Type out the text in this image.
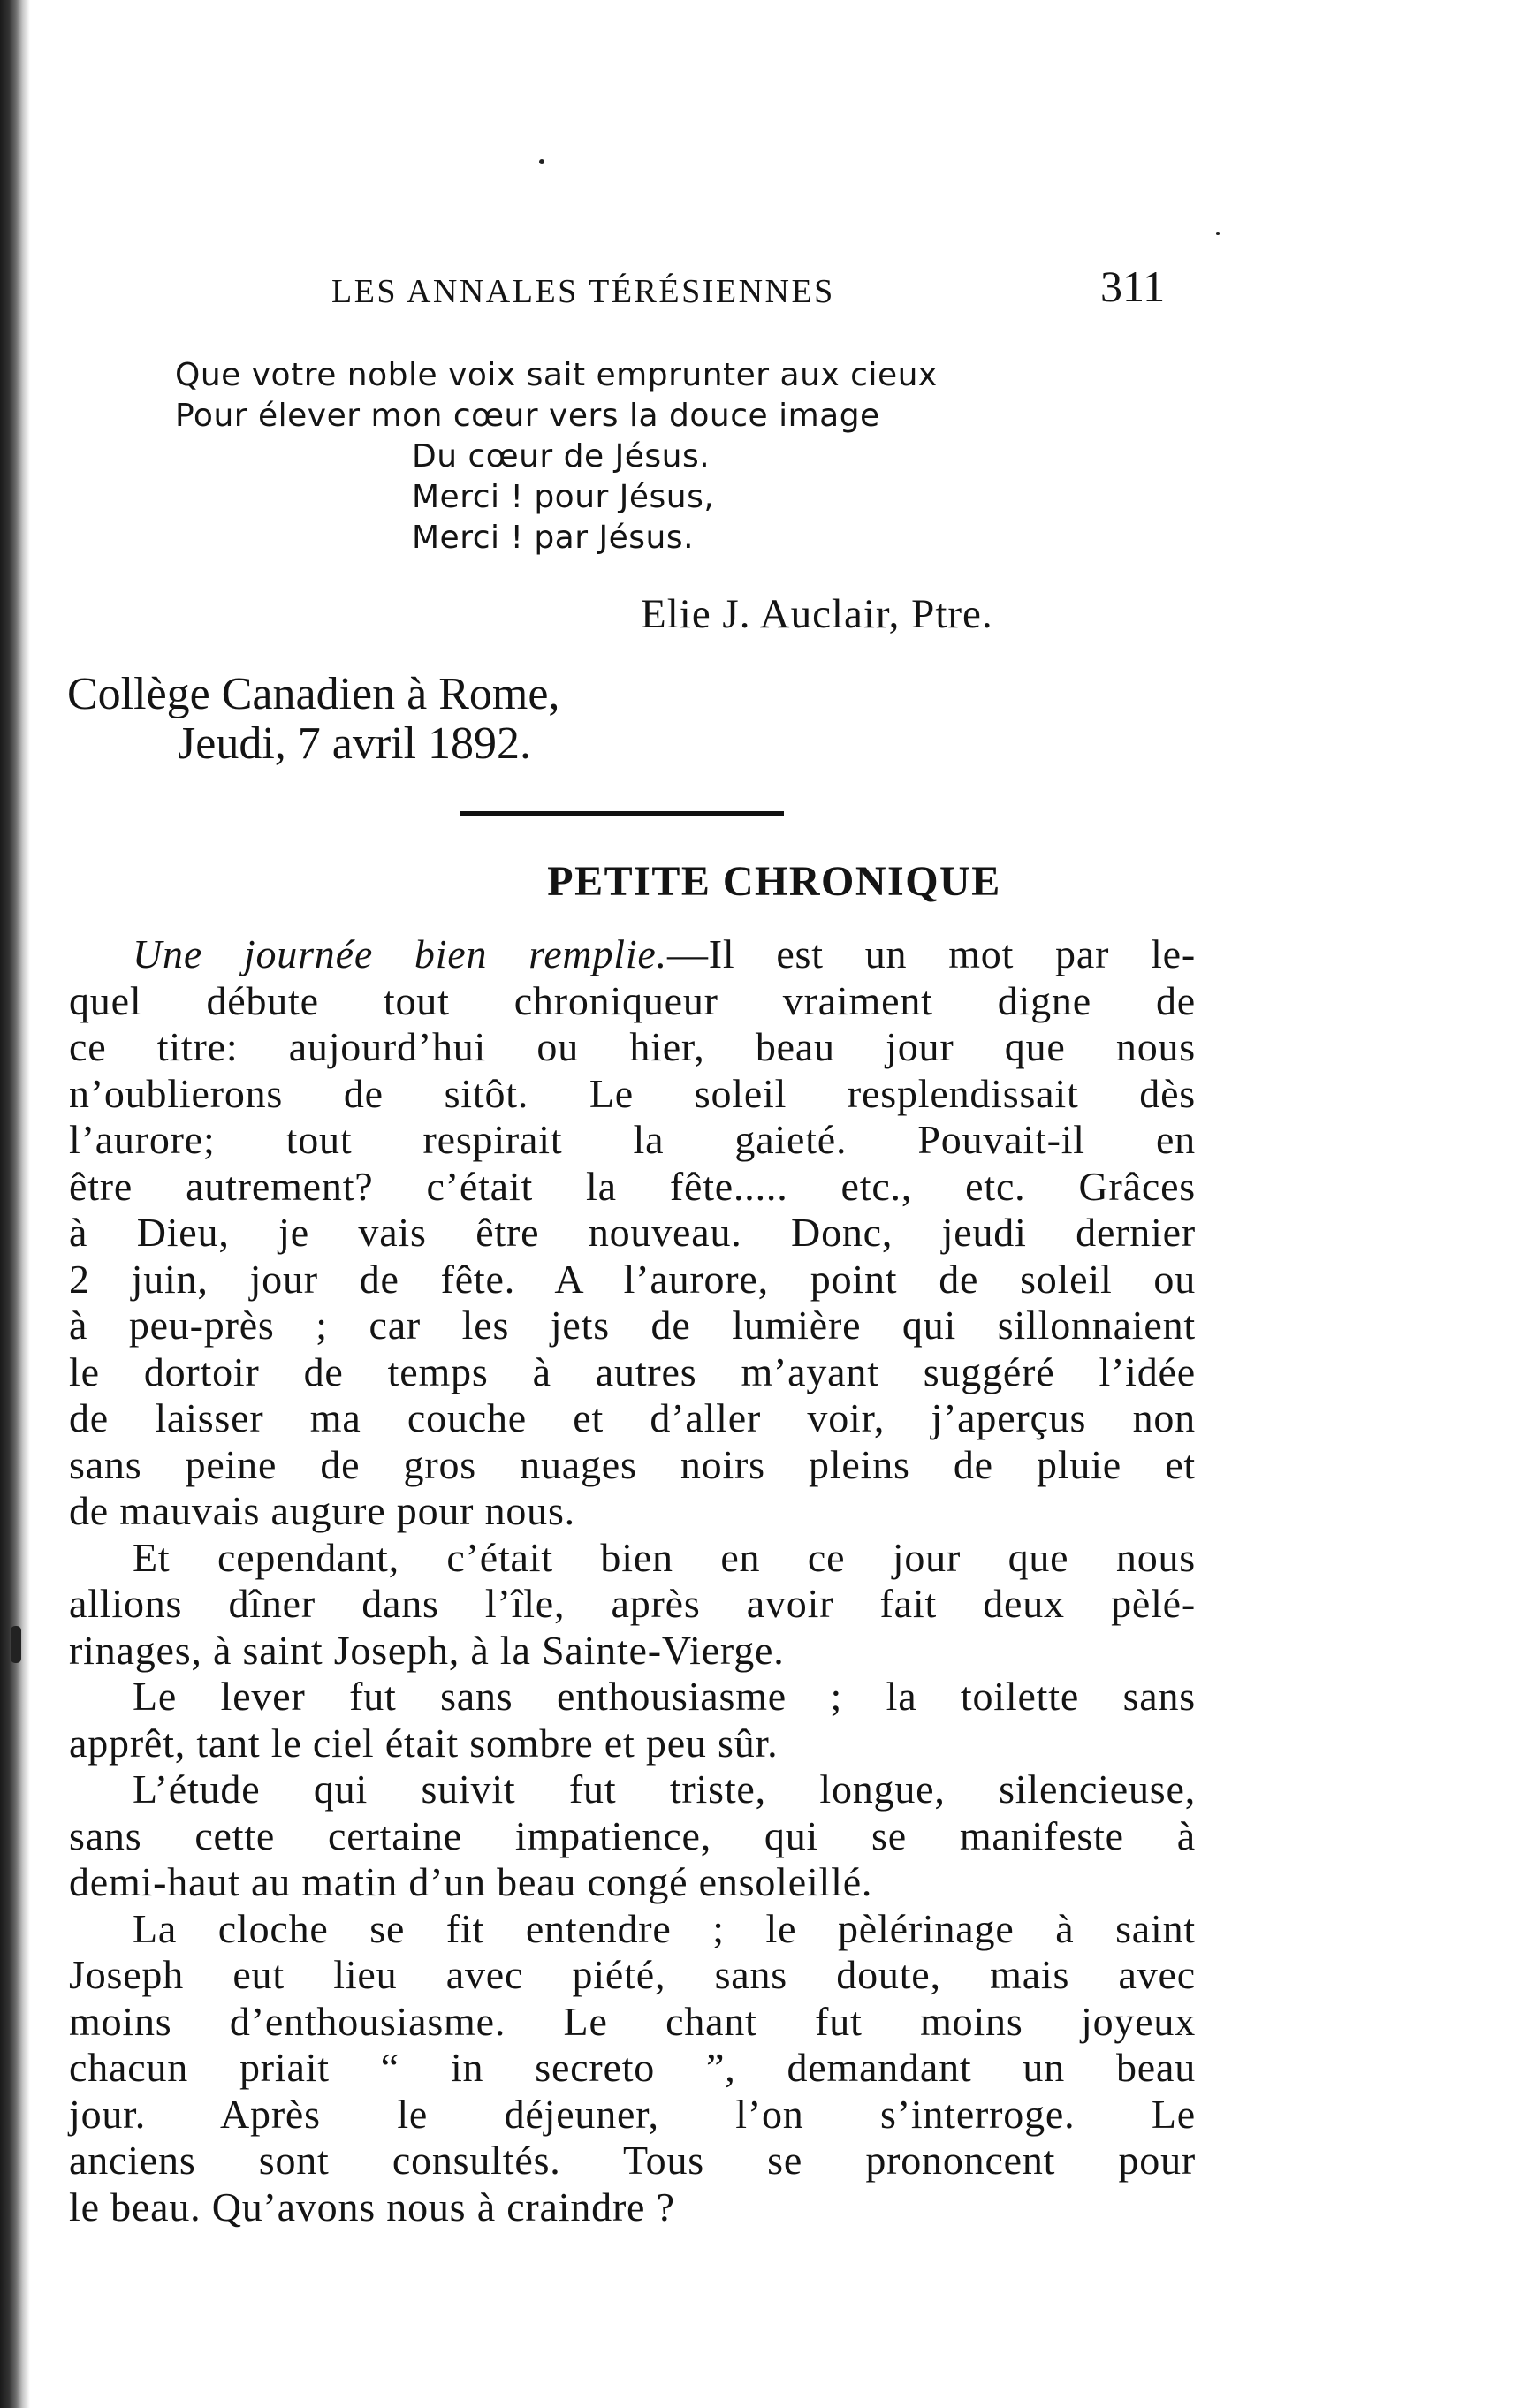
LES ANNALES TÉRÉSIENNES	311
Que votre noble voix sait emprunter aux cieux
Pour élever mon cœur vers la douce image
Du cœur de Jésus.
Merci ! pour Jésus,
Merci ! par Jésus.
Elie J. Auclair, Ptre.
Collège Canadien à Rome,
Jeudi, 7 avril 1892.
PETITE CHRONIQUE
Une journée bien remplie.—Il est un mot par le-
quel débute tout chroniqueur vraiment digne de
ce titre: aujourd’hui ou hier, beau jour que nous
n’oublierons de sitôt. Le soleil resplendissait dès
l’aurore; tout respirait la gaieté. Pouvait-il en
être autrement? c’était la fête..... etc., etc. Grâces
à Dieu, je vais être nouveau. Donc, jeudi dernier
2 juin, jour de fête. A l’aurore, point de soleil ou
à peu-près ; car les jets de lumière qui sillonnaient
le dortoir de temps à autres m’ayant suggéré l’idée
de laisser ma couche et d’aller voir, j’aperçus non
sans peine de gros nuages noirs pleins de pluie et
de mauvais augure pour nous.
Et cependant, c’était bien en ce jour que nous
allions dîner dans l’île, après avoir fait deux pèlé-
rinages, à saint Joseph, à la Sainte-Vierge.
Le lever fut sans enthousiasme ; la toilette sans
apprêt, tant le ciel était sombre et peu sûr.
L’étude qui suivit fut triste, longue, silencieuse,
sans cette certaine impatience, qui se manifeste à
demi-haut au matin d’un beau congé ensoleillé.
La cloche se fit entendre ; le pèlérinage à saint
Joseph eut lieu avec piété, sans doute, mais avec
moins d’enthousiasme. Le chant fut moins joyeux
chacun priait “ in secreto ”, demandant un beau
jour. Après le déjeuner, l’on s’interroge. Le
anciens sont consultés. Tous se prononcent pour
le beau. Qu’avons nous à craindre ?
